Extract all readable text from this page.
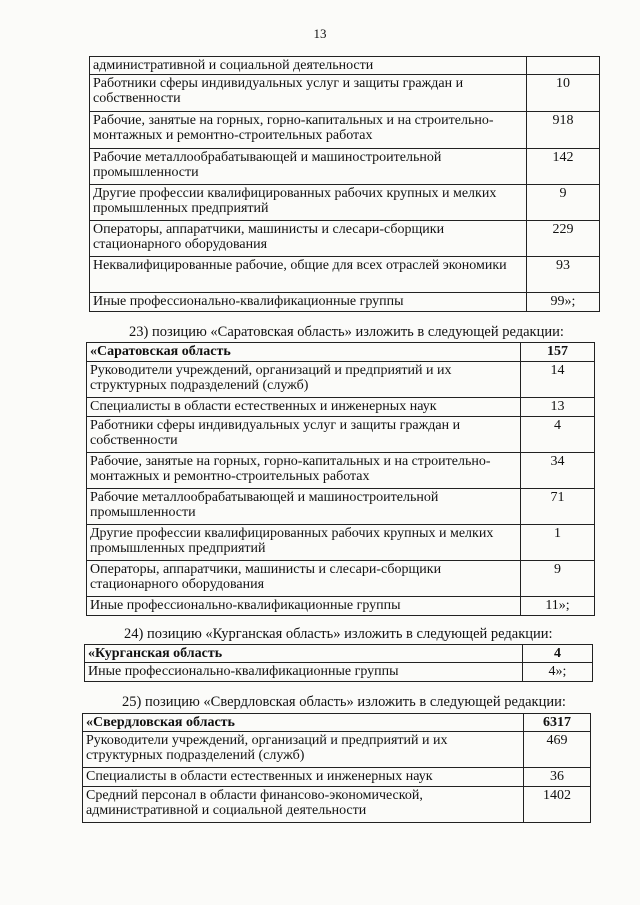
13
административной и социальной деятельности	
Работники сферы индивидуальных услуг и защиты граждан и собственности	10
Рабочие, занятые на горных, горно-капитальных и на строительно-монтажных и ремонтно-строительных работах	918
Рабочие металлообрабатывающей и машиностроительной промышленности	142
Другие профессии квалифицированных рабочих крупных и мелких промышленных предприятий	9
Операторы, аппаратчики, машинисты и слесари-сборщики стационарного оборудования	229
Неквалифицированные рабочие, общие для всех отраслей экономики	93
Иные профессионально-квалификационные группы	99»;
23) позицию «Саратовская область» изложить в следующей редакции:
«Саратовская область	157
Руководители учреждений, организаций и предприятий и их структурных подразделений (служб)	14
Специалисты в области естественных и инженерных наук	13
Работники сферы индивидуальных услуг и защиты граждан и собственности	4
Рабочие, занятые на горных, горно-капитальных и на строительно-монтажных и ремонтно-строительных работах	34
Рабочие металлообрабатывающей и машиностроительной промышленности	71
Другие профессии квалифицированных рабочих крупных и мелких промышленных предприятий	1
Операторы, аппаратчики, машинисты и слесари-сборщики стационарного оборудования	9
Иные профессионально-квалификационные группы	11»;
24) позицию «Курганская область» изложить в следующей редакции:
«Курганская область	4
Иные профессионально-квалификационные группы	4»;
25) позицию «Свердловская область» изложить в следующей редакции:
«Свердловская область	6317
Руководители учреждений, организаций и предприятий и их структурных подразделений (служб)	469
Специалисты в области естественных и инженерных наук	36
Средний персонал в области финансово-экономической, административной и социальной деятельности	1402
